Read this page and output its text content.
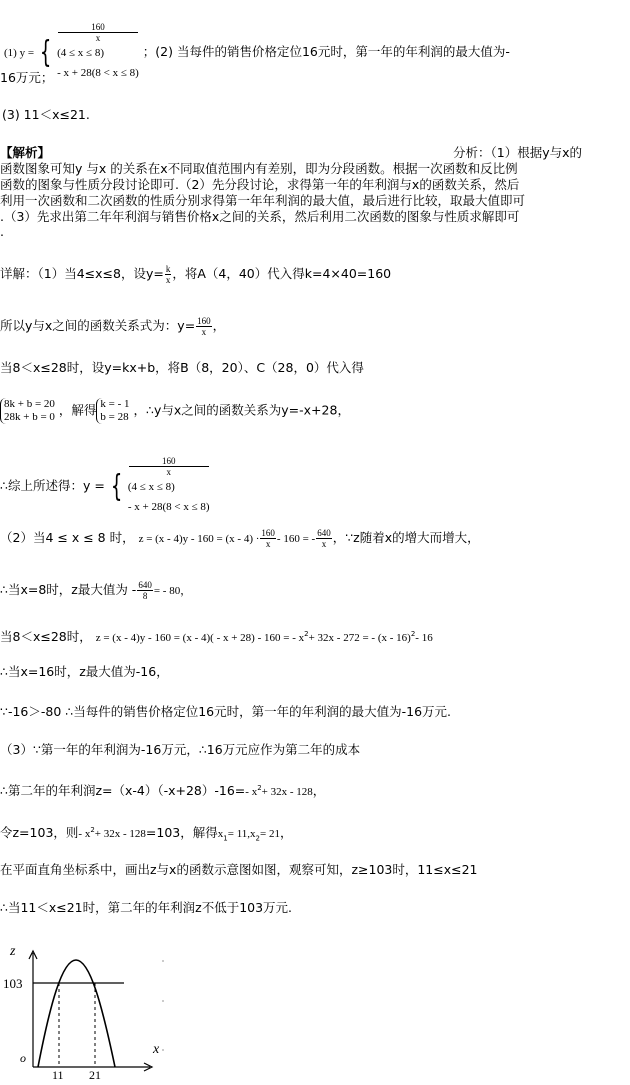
(1) y = {
160
x
(4 ≤ x ≤ 8)
- x + 28(8 < x ≤ 8)
；(2) 当每件的销售价格定位16元时，第一年的年利润的最大值为-
16万元；
(3) 11＜x≤21.
【解析】	分析：（1）根据y与x的
函数图象可知y 与x 的关系在x不同取值范围内有差别，即为分段函数。根据一次函数和反比例
函数的图象与性质分段讨论即可.（2）先分段讨论，求得第一年的年利润与x的函数关系，然后
利用一次函数和二次函数的性质分别求得第一年年利润的最大值，最后进行比较，取最大值即可
.（3）先求出第二年年利润与销售价格x之间的关系，然后利用二次函数的图象与性质求解即可
.
详解：（1）当4≤x≤8，设$y= \frac{k}{x}$ ，将A（4，40）代入得k=4×40=160
所以y与x之间的函数关系式为：$y= \frac{160}{x}$ ，
当8＜x≤28时，设y=kx+b，将B（8，20）、C（28，0）代入得
8k + b = 20
28k + b = 0 ，解得 k = - 1
b = 28 ，∴y与x之间的函数关系为y=-x+28，
∴综上所述得：y = {
160
x
(4 ≤ x ≤ 8)
- x + 28(8 < x ≤ 8)
（2）当4 ≤ x ≤ 8 时， $z = (x - 4)y - 160 = (x - 4) \cdot \frac{160}{x} - 160$ = - $\frac{640}{x}$ ，∵z随着x的增大而增大，
∴当x=8时，z最大值为 - $\frac{640}{8}$ = - 80，
当8＜x≤28时， z = (x - 4)y - 160 = (x - 4)( - x + 28) - 160 = - $x^2+ 32x - 272$ = - (x - 16)$^2$- 16
∴当x=16时，z最大值为-16，
∵-16＞-80 ∴当每件的销售价格定位16元时，第一年的年利润的最大值为-16万元.
（3）∵第一年的年利润为-16万元，∴16万元应作为第二年的成本
∴第二年的年利润z=（x-4）（-x+28）-16=- $x^2+ 32x - 128$，
令z=103，则- $x^2+ 32x - 128=103$，解得$x_1= 11,x_2= 21$，
在平面直角坐标系中，画出z与x的函数示意图如图，观察可知，z≥103时，11≤x≤21
∴当11＜x≤21时，第二年的年利润z不低于103万元.
z
103
o
11 21
x
